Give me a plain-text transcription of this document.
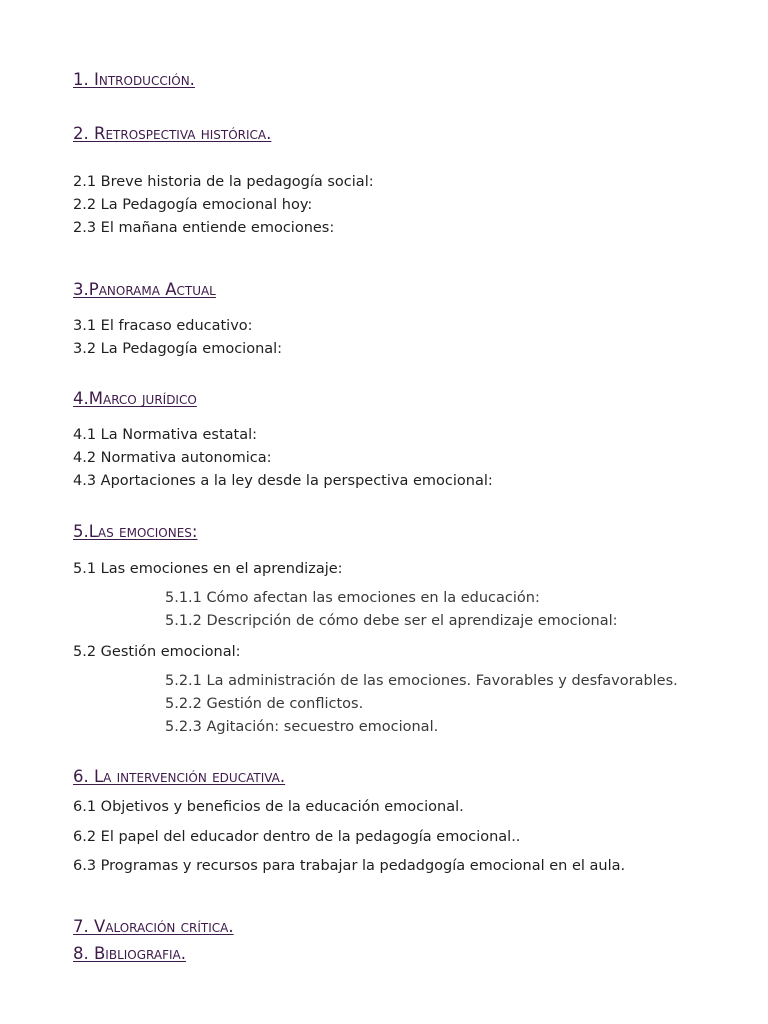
1. Introducción.
2. Retrospectiva histórica.
2.1 Breve historia de la pedagogía social:
2.2 La Pedagogía emocional hoy:
2.3 El mañana entiende emociones:
3.Panorama Actual
3.1 El fracaso educativo:
3.2 La Pedagogía emocional:
4.Marco jurídico
4.1 La Normativa estatal:
4.2 Normativa autonomica:
4.3 Aportaciones a la ley desde la perspectiva emocional:
5.Las emociones:
5.1 Las emociones en el aprendizaje:
5.1.1 Cómo afectan las emociones en la educación:
5.1.2 Descripción de cómo debe ser el aprendizaje emocional:
5.2 Gestión emocional:
5.2.1 La administración de las emociones. Favorables y desfavorables.
5.2.2 Gestión de conflictos.
5.2.3 Agitación: secuestro emocional.
6. La intervención educativa.
6.1 Objetivos y beneficios de la educación emocional.
6.2 El papel del educador dentro de la pedagogía emocional..
6.3 Programas y recursos para trabajar la pedadgogía emocional en el aula.
7. Valoración crítica.
8. Bibliografia.
